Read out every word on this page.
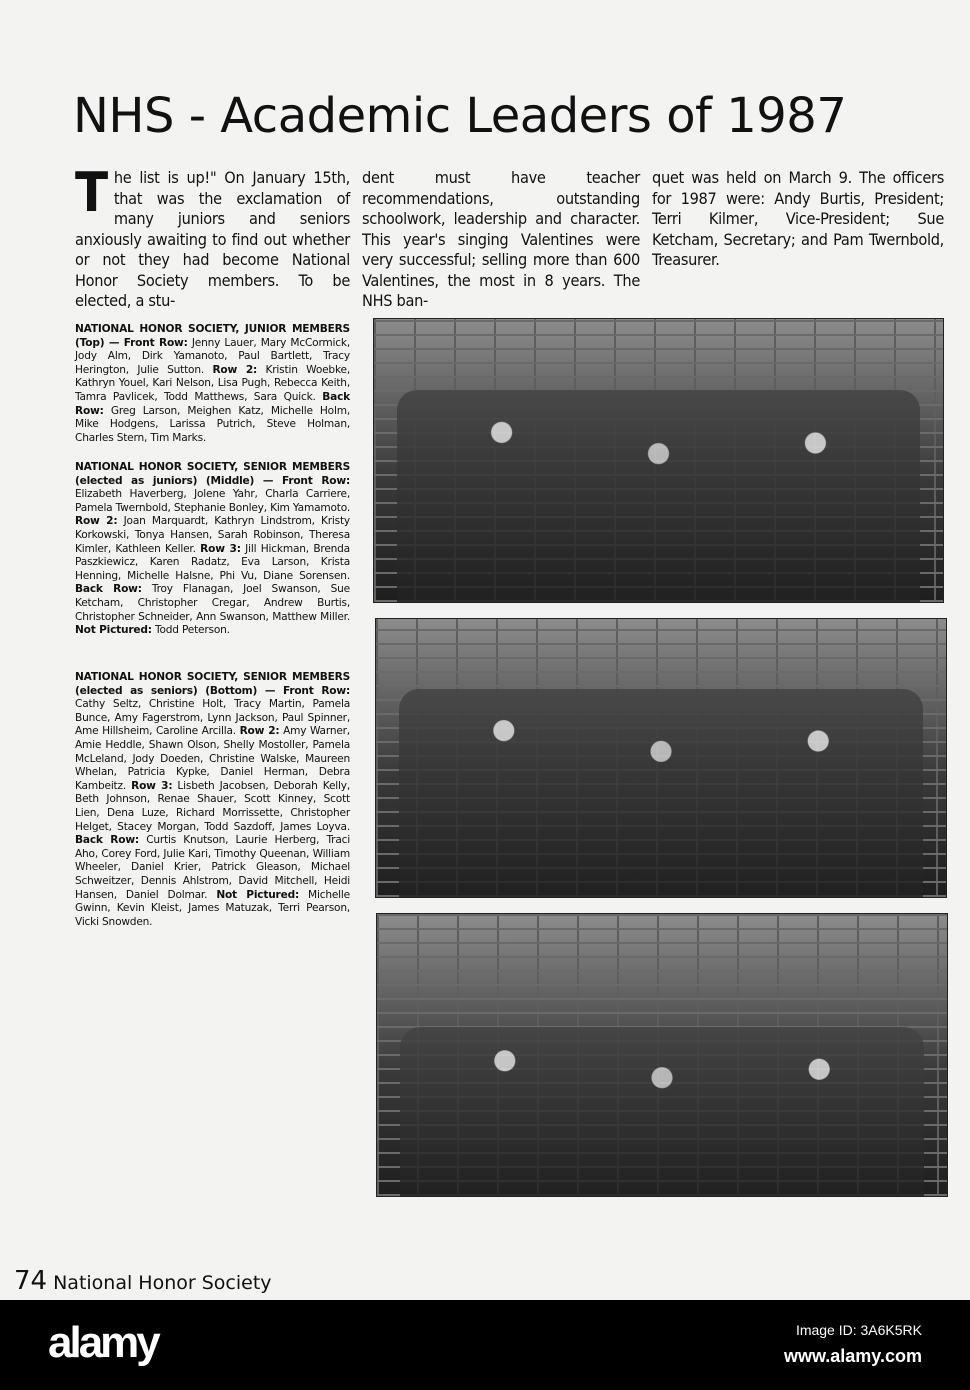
NHS - Academic Leaders of 1987
The list is up!" On January 15th, that was the exclamation of many juniors and seniors anxiously awaiting to find out whether or not they had become National Honor Society members. To be elected, a stu-
dent must have teacher recommendations, outstanding schoolwork, leadership and character. This year's singing Valentines were very successful; selling more than 600 Valentines, the most in 8 years. The NHS ban-
quet was held on March 9. The officers for 1987 were: Andy Burtis, President; Terri Kilmer, Vice-President; Sue Ketcham, Secretary; and Pam Twernbold, Treasurer.
NATIONAL HONOR SOCIETY, JUNIOR MEMBERS (Top) — Front Row: Jenny Lauer, Mary McCormick, Jody Alm, Dirk Yamanoto, Paul Bartlett, Tracy Herington, Julie Sutton. Row 2: Kristin Woebke, Kathryn Youel, Kari Nelson, Lisa Pugh, Rebecca Keith, Tamra Pavlicek, Todd Matthews, Sara Quick. Back Row: Greg Larson, Meighen Katz, Michelle Holm, Mike Hodgens, Larissa Putrich, Steve Holman, Charles Stern, Tim Marks.
NATIONAL HONOR SOCIETY, SENIOR MEMBERS (elected as juniors) (Middle) — Front Row: Elizabeth Haverberg, Jolene Yahr, Charla Carriere, Pamela Twernbold, Stephanie Bonley, Kim Yamamoto. Row 2: Joan Marquardt, Kathryn Lindstrom, Kristy Korkowski, Tonya Hansen, Sarah Robinson, Theresa Kimler, Kathleen Keller. Row 3: Jill Hickman, Brenda Paszkiewicz, Karen Radatz, Eva Larson, Krista Henning, Michelle Halsne, Phi Vu, Diane Sorensen. Back Row: Troy Flanagan, Joel Swanson, Sue Ketcham, Christopher Cregar, Andrew Burtis, Christopher Schneider, Ann Swanson, Matthew Miller. Not Pictured: Todd Peterson.
NATIONAL HONOR SOCIETY, SENIOR MEMBERS (elected as seniors) (Bottom) — Front Row: Cathy Seltz, Christine Holt, Tracy Martin, Pamela Bunce, Amy Fagerstrom, Lynn Jackson, Paul Spinner, Ame Hillsheim, Caroline Arcilla. Row 2: Amy Warner, Amie Heddle, Shawn Olson, Shelly Mostoller, Pamela McLeland, Jody Doeden, Christine Walske, Maureen Whelan, Patricia Kypke, Daniel Herman, Debra Kambeitz. Row 3: Lisbeth Jacobsen, Deborah Kelly, Beth Johnson, Renae Shauer, Scott Kinney, Scott Lien, Dena Luze, Richard Morrissette, Christopher Helget, Stacey Morgan, Todd Sazdoff, James Loyva. Back Row: Curtis Knutson, Laurie Herberg, Traci Aho, Corey Ford, Julie Kari, Timothy Queenan, William Wheeler, Daniel Krier, Patrick Gleason, Michael Schweitzer, Dennis Ahlstrom, David Mitchell, Heidi Hansen, Daniel Dolmar. Not Pictured: Michelle Gwinn, Kevin Kleist, James Matuzak, Terri Pearson, Vicki Snowden.
74 National Honor Society
alamy	Image ID: 3A6K5RK
www.alamy.com
